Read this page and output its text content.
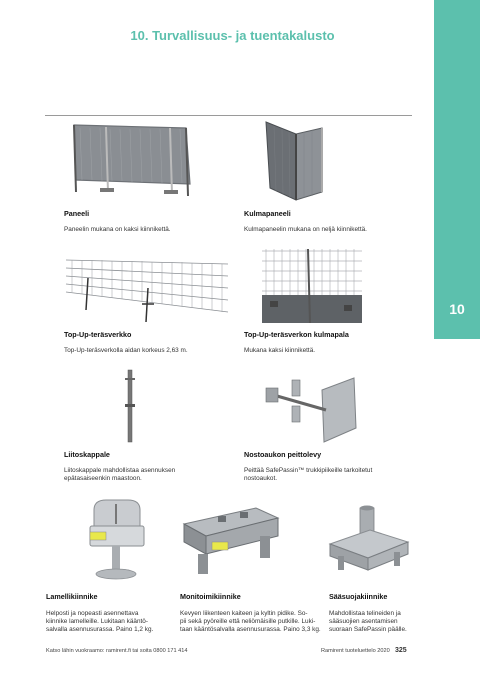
10. Turvallisuus- ja tuentakalusto
10
Paneeli
Paneelin mukana on kaksi kiinnikettä.
Kulmapaneeli
Kulmapaneelin mukana on neljä kiinnikettä.
Top-Up-teräsverkko
Top-Up-teräsverkolla aidan korkeus 2,63 m.
Top-Up-teräsverkon kulmapala
Mukana kaksi kiinnikettä.
Liitoskappale
Liitoskappale mahdollistaa asennuksen
epätasaiseenkin maastoon.
Nostoaukon peittolevy
Peittää SafePassin™ trukkipiikeille tarkoitetut
nostoaukot.
Lamellikiinnike
Helposti ja nopeasti asennettava
kiinnike lamelleille. Lukitaan kääntö-
salvalla asennusurassa. Paino 1,2 kg.
Monitoimikiinnike
Kevyen liikenteen kaiteen ja kyltin pidike. So-
pii sekä pyöreille että neliömäisille putkille. Luki-
taan kääntösalvalla asennusurassa. Paino 3,3 kg.
Sääsuojakiinnike
Mahdollistaa telineiden ja
sääsuojien asentamisen
suoraan SafePassin päälle.
Katso lähin vuokraamo: ramirent.fi tai soita 0800 171 414	Ramirent tuoteluettelo 2020 325
